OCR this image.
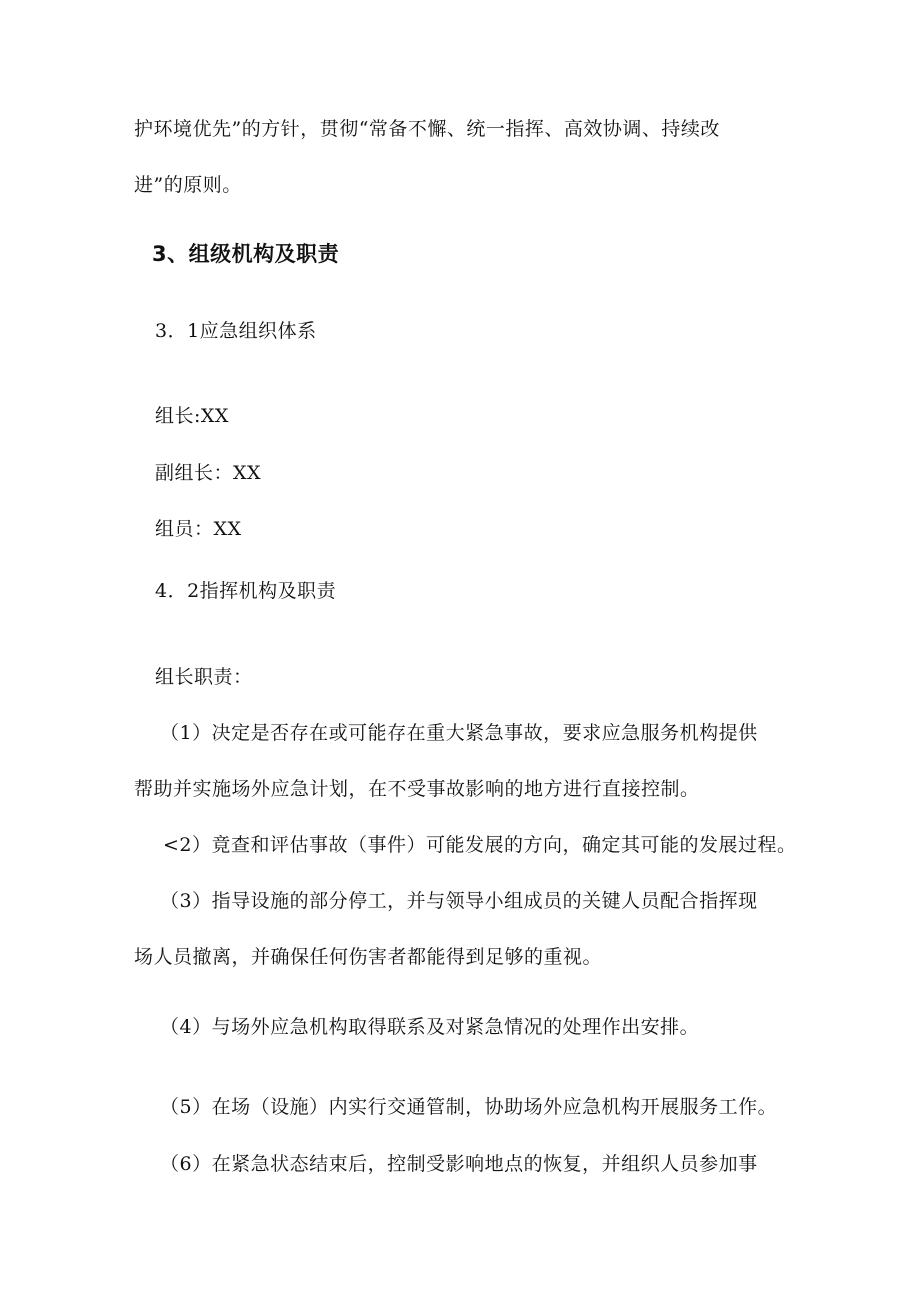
护环境优先”的方针，贯彻“常备不懈、统一指挥、高效协调、持续改
进”的原则。
3、组级机构及职责
3．1应急组织体系
组长:XX
副组长：XX
组员：XX
4．2指挥机构及职责
组长职责：
（1）决定是否存在或可能存在重大紧急事故，要求应急服务机构提供
帮助并实施场外应急计划，在不受事故影响的地方进行直接控制。
<2）竟查和评估事故（事件）可能发展的方向，确定其可能的发展过程。
（3）指导设施的部分停工，并与领导小组成员的关键人员配合指挥现
场人员撤离，并确保任何伤害者都能得到足够的重视。
（4）与场外应急机构取得联系及对紧急情况的处理作出安排。
（5）在场（设施）内实行交通管制，协助场外应急机构开展服务工作。
（6）在紧急状态结束后，控制受影响地点的恢复，并组织人员参加事
